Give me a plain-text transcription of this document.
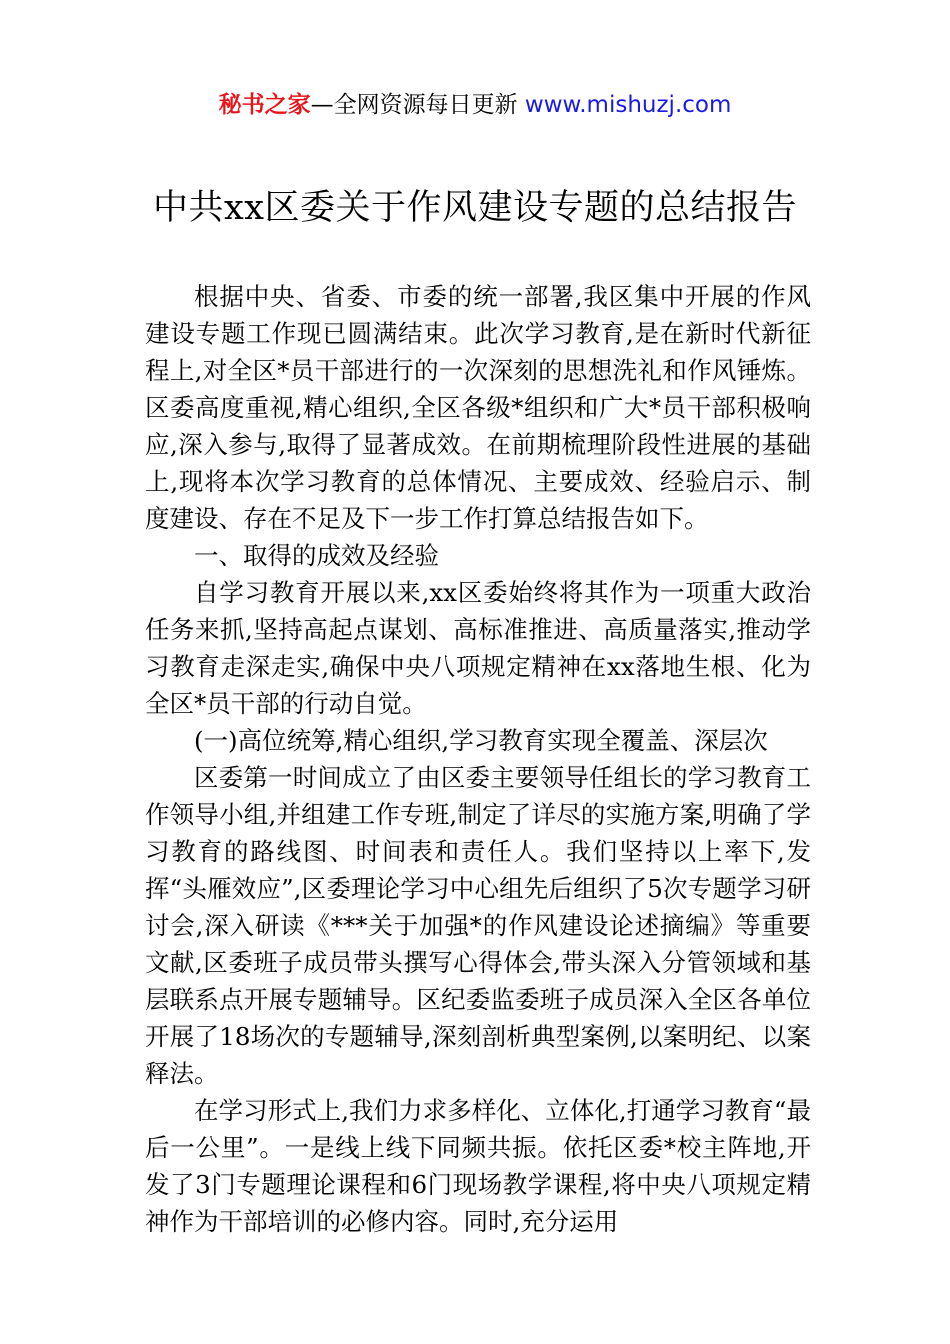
秘书之家—全网资源每日更新 www.mishuzj.com
中共xx区委关于作风建设专题的总结报告

根据中央、省委、市委的统一部署,我区集中开展的作风建设专题工作现已圆满结束。此次学习教育,是在新时代新征程上,对全区*员干部进行的一次深刻的思想洗礼和作风锤炼。区委高度重视,精心组织,全区各级*组织和广大*员干部积极响应,深入参与,取得了显著成效。在前期梳理阶段性进展的基础上,现将本次学习教育的总体情况、主要成效、经验启示、制度建设、存在不足及下一步工作打算总结报告如下。

一、取得的成效及经验

自学习教育开展以来,xx区委始终将其作为一项重大政治任务来抓,坚持高起点谋划、高标准推进、高质量落实,推动学习教育走深走实,确保中央八项规定精神在xx落地生根、化为全区*员干部的行动自觉。

(一)高位统筹,精心组织,学习教育实现全覆盖、深层次

区委第一时间成立了由区委主要领导任组长的学习教育工作领导小组,并组建工作专班,制定了详尽的实施方案,明确了学习教育的路线图、时间表和责任人。我们坚持以上率下,发挥“头雁效应”,区委理论学习中心组先后组织了5次专题学习研讨会,深入研读《***关于加强*的作风建设论述摘编》等重要文献,区委班子成员带头撰写心得体会,带头深入分管领域和基层联系点开展专题辅导。区纪委监委班子成员深入全区各单位开展了18场次的专题辅导,深刻剖析典型案例,以案明纪、以案释法。

在学习形式上,我们力求多样化、立体化,打通学习教育“最后一公里”。一是线上线下同频共振。依托区委*校主阵地,开发了3门专题理论课程和6门现场教学课程,将中央八项规定精神作为干部培训的必修内容。同时,充分运用
